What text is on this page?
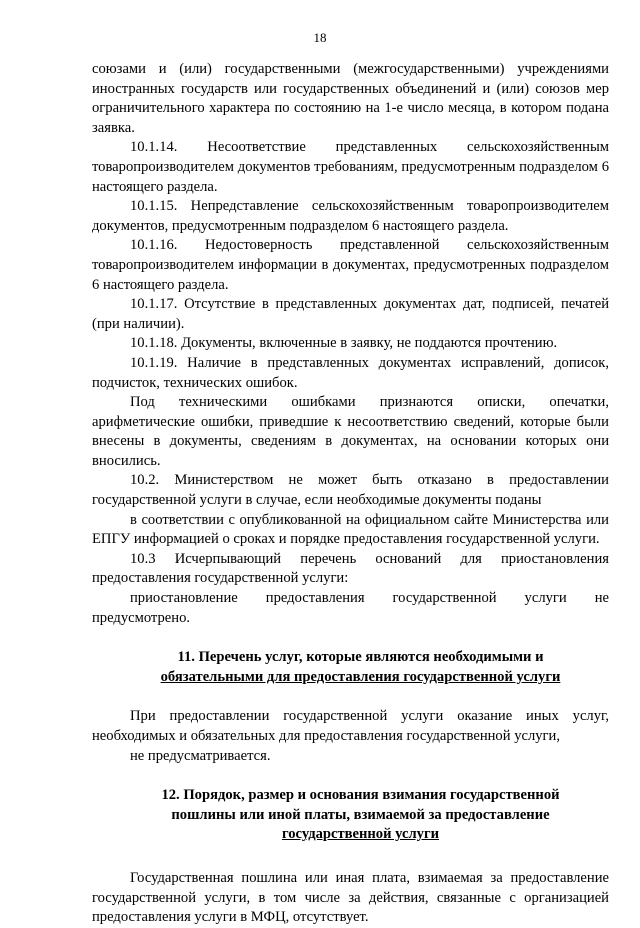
18

союзами и (или) государственными (межгосударственными) учреждениями иностранных государств или государственных объединений и (или) союзов мер ограничительного характера по состоянию на 1-е число месяца, в котором подана заявка.

10.1.14. Несоответствие представленных сельскохозяйственным товаропроизводителем документов требованиям, предусмотренным подразделом 6 настоящего раздела.

10.1.15. Непредставление сельскохозяйственным товаропроизводителем документов, предусмотренным подразделом 6 настоящего раздела.

10.1.16. Недостоверность представленной сельскохозяйственным товаропроизводителем информации в документах, предусмотренных подразделом 6 настоящего раздела.

10.1.17. Отсутствие в представленных документах дат, подписей, печатей (при наличии).

10.1.18. Документы, включенные в заявку, не поддаются прочтению.

10.1.19. Наличие в представленных документах исправлений, дописок, подчисток, технических ошибок.

Под техническими ошибками признаются описки, опечатки, арифметические ошибки, приведшие к несоответствию сведений, которые были внесены в документы, сведениям в документах, на основании которых они вносились.

10.2. Министерством не может быть отказано в предоставлении государственной услуги в случае, если необходимые документы поданы

в соответствии с опубликованной на официальном сайте Министерства или ЕПГУ информацией о сроках и порядке предоставления государственной услуги.

10.3 Исчерпывающий перечень оснований для приостановления предоставления государственной услуги:

приостановление предоставления государственной услуги не предусмотрено.

11. Перечень услуг, которые являются необходимыми и

обязательными для предоставления государственной услуги

При предоставлении государственной услуги оказание иных услуг, необходимых и обязательных для предоставления государственной услуги,

не предусматривается.

12. Порядок, размер и основания взимания государственной

пошлины или иной платы, взимаемой за предоставление

государственной услуги

Государственная пошлина или иная плата, взимаемая за предоставление государственной услуги, в том числе за действия, связанные с организацией предоставления услуги в МФЦ, отсутствует.
